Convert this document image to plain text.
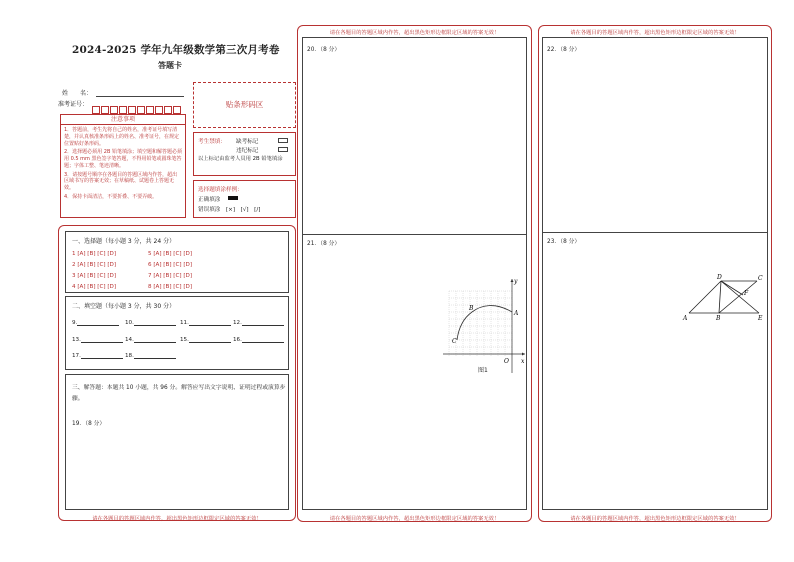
2024-2025 学年九年级数学第三次月考卷
答题卡
姓　　名：
准考证号：	贴条形码区
注意事项
1．答题前，考生先将自己的姓名，准考证号填写清楚，并认真核准条形码上的姓名、准考证号，在规定位置贴好条形码。
2．选择题必须用 2B 铅笔填涂；填空题和解答题必须用 0.5 mm 黑色签字笔答题，不得用铅笔或圆珠笔答题；字体工整、笔迹清晰。
3．请按题号顺序在各题目的答题区域内作答，超出区域书写的答案无效；在草稿纸、试题卷上答题无效。
4．保持卡面清洁，不要折叠、不要弄破。
考生禁填： 缺考标记
违纪标记
以上标记由监考人员用 2B 铅笔填涂
选择题填涂样例：
正确填涂
错误填涂 [×]　[√]　[/]
一、选择题（每小题 3 分，共 24 分）
1 [A] [B] [C] [D]
2 [A] [B] [C] [D]
3 [A] [B] [C] [D]
4 [A] [B] [C] [D]
5 [A] [B] [C] [D]
6 [A] [B] [C] [D]
7 [A] [B] [C] [D]
8 [A] [B] [C] [D]
二、填空题（每小题 3 分，共 30 分）
9.	10.	11.	12.
13.	14.	15.	16.
17.	18.
三、解答题：本题共 10 小题，共 96 分。解答应写出文字说明、证明过程或演算步骤。
19．（8 分）
请在各题目的答题区域内作答，超出黑色矩形边框限定区域的答案无效！
请在各题目的答题区域内作答，超出黑色矩形边框限定区域的答案无效！
20．（8 分）
21．（8 分）
y
x
A
B
C
O
图1
请在各题目的答题区域内作答，超出黑色矩形边框限定区域的答案无效！
请在各题目的答题区域内作答，超出黑色矩形边框限定区域的答案无效！
22．（8 分）
23．（8 分）
D	C
F
A	B	E
请在各题目的答题区域内作答，超出黑色矩形边框限定区域的答案无效！
